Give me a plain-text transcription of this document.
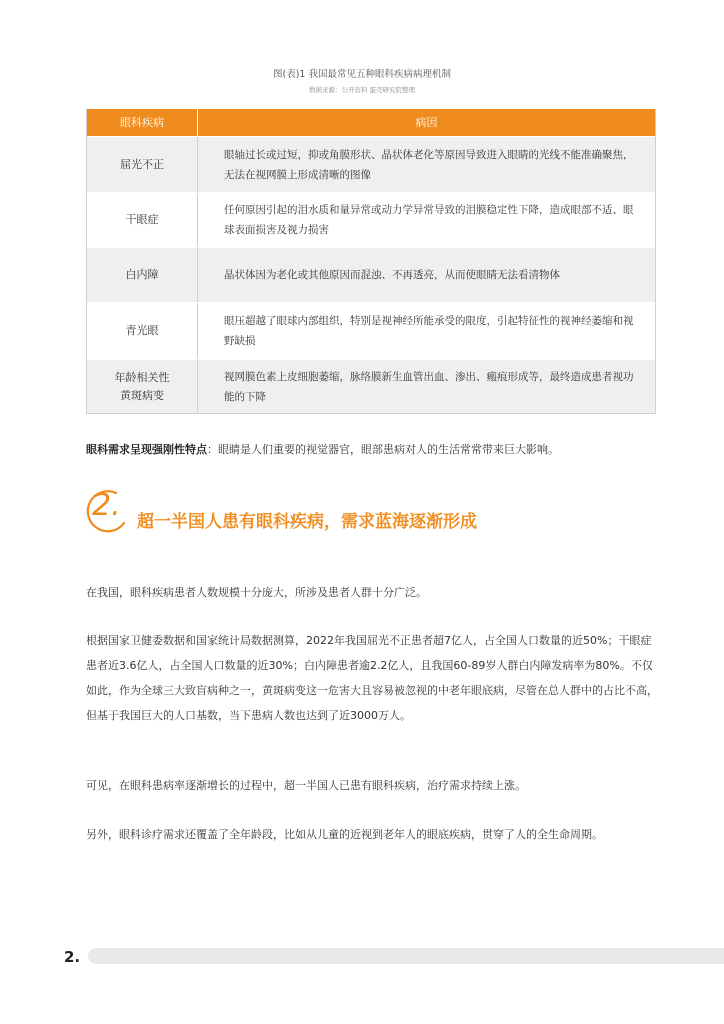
图(表)1 我国最常见五种眼科疾病病理机制
数据来源：公开资料 蛋壳研究院整理
眼科疾病	病因
屈光不正
眼轴过长或过短，抑或角膜形状、晶状体老化等原因导致进入眼睛的光线不能准确聚焦，无法在视网膜上形成清晰的图像
干眼症
任何原因引起的泪水质和量异常或动力学异常导致的泪膜稳定性下降，造成眼部不适、眼球表面损害及视力损害
白内障	晶状体因为老化或其他原因而混浊、不再透亮，从而使眼睛无法看清物体
青光眼
眼压超越了眼球内部组织，特别是视神经所能承受的限度，引起特征性的视神经萎缩和视野缺损
年龄相关性
黄斑病变
视网膜色素上皮细胞萎缩，脉络膜新生血管出血、渗出、瘢痕形成等，最终造成患者视功能的下降
眼科需求呈现强刚性特点：眼睛是人们重要的视觉器官，眼部患病对人的生活常常带来巨大影响。
2. 超一半国人患有眼科疾病，需求蓝海逐渐形成
在我国，眼科疾病患者人数规模十分庞大，所涉及患者人群十分广泛。
根据国家卫健委数据和国家统计局数据测算，2022年我国屈光不正患者超7亿人，占全国人口数量的近50%；干眼症患者近3.6亿人，占全国人口数量的近30%；白内障患者逾2.2亿人，且我国60-89岁人群白内障发病率为80%。不仅如此，作为全球三大致盲病种之一，黄斑病变这一危害大且容易被忽视的中老年眼底病，尽管在总人群中的占比不高，但基于我国巨大的人口基数，当下患病人数也达到了近3000万人。
可见，在眼科患病率逐渐增长的过程中，超一半国人已患有眼科疾病，治疗需求持续上涨。
另外，眼科诊疗需求还覆盖了全年龄段，比如从儿童的近视到老年人的眼底疾病，贯穿了人的全生命周期。
2.
